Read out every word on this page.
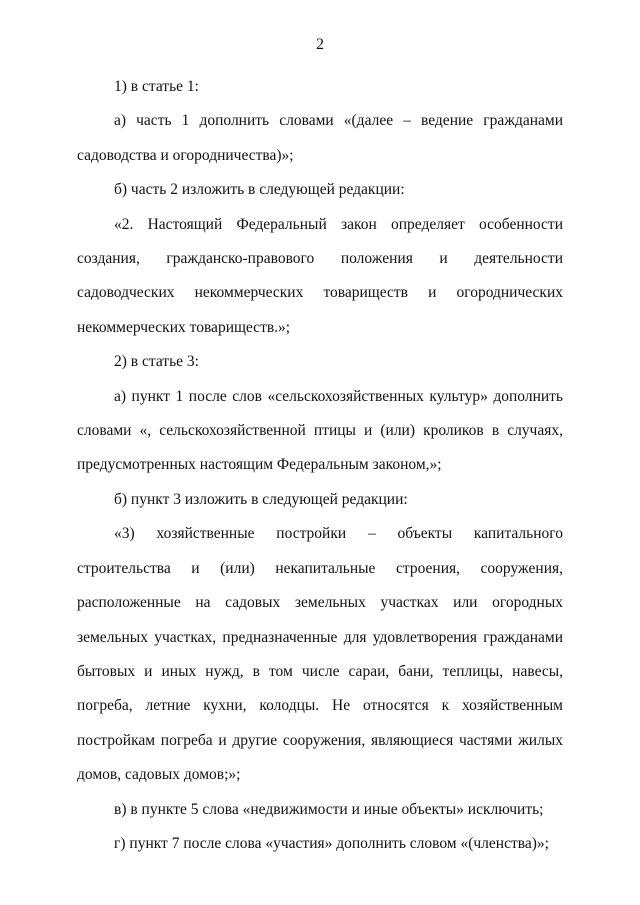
2

1) в статье 1:

а) часть 1 дополнить словами «(далее – ведение гражданами садоводства и огородничества)»;

б) часть 2 изложить в следующей редакции:

«2. Настоящий Федеральный закон определяет особенности создания, гражданско-правового положения и деятельности садоводческих некоммерческих товариществ и огороднических некоммерческих товариществ.»;

2) в статье 3:

а) пункт 1 после слов «сельскохозяйственных культур» дополнить словами «, сельскохозяйственной птицы и (или) кроликов в случаях, предусмотренных настоящим Федеральным законом,»;

б) пункт 3 изложить в следующей редакции:

«3) хозяйственные постройки – объекты капитального строительства и (или) некапитальные строения, сооружения, расположенные на садовых земельных участках или огородных земельных участках, предназначенные для удовлетворения гражданами бытовых и иных нужд, в том числе сараи, бани, теплицы, навесы, погреба, летние кухни, колодцы. Не относятся к хозяйственным постройкам погреба и другие сооружения, являющиеся частями жилых домов, садовых домов;»;

в) в пункте 5 слова «недвижимости и иные объекты» исключить;

г) пункт 7 после слова «участия» дополнить словом «(членства)»;
